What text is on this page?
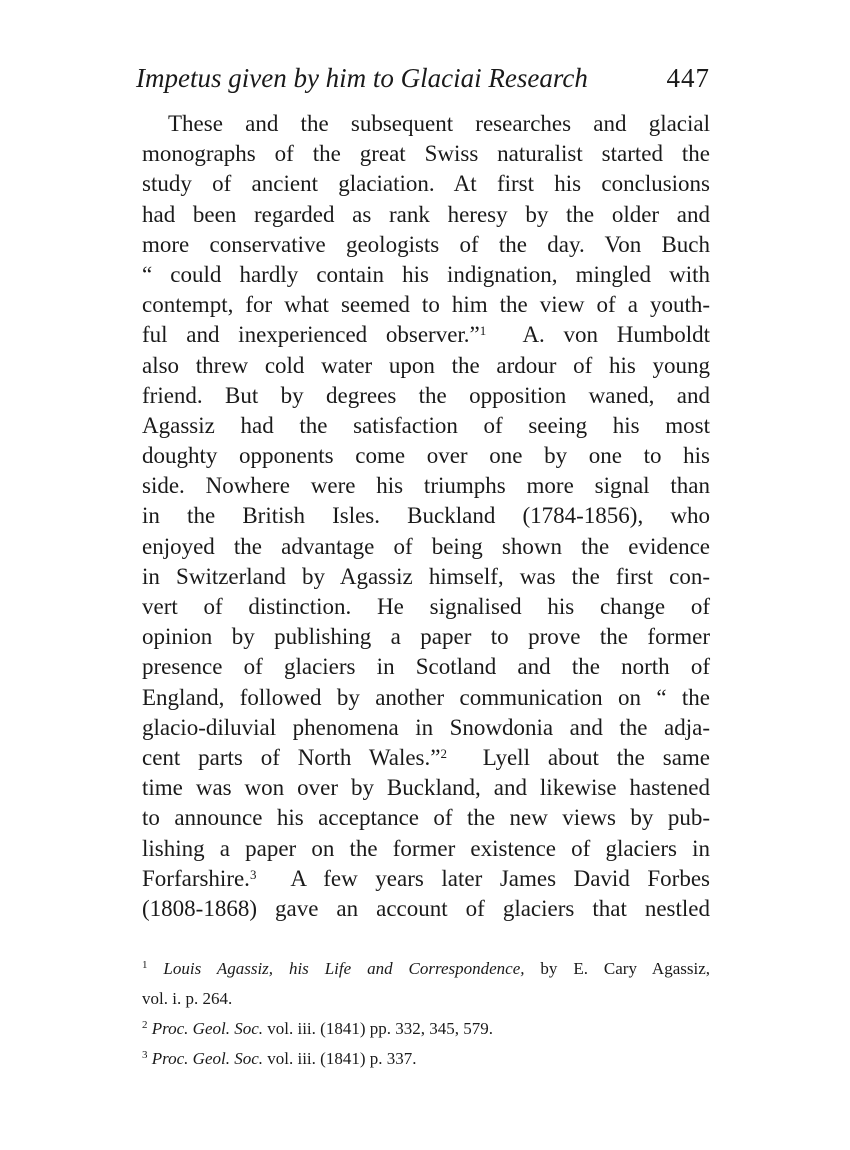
Impetus given by him to Glaciai Research	447
These and the subsequent researches and glacial
monographs of the great Swiss naturalist started the
study of ancient glaciation. At first his conclusions
had been regarded as rank heresy by the older and
more conservative geologists of the day. Von Buch
“ could hardly contain his indignation, mingled with
contempt, for what seemed to him the view of a youth-
ful and inexperienced observer.”$^1$ A. von Humboldt
also threw cold water upon the ardour of his young
friend. But by degrees the opposition waned, and
Agassiz had the satisfaction of seeing his most
doughty opponents come over one by one to his
side. Nowhere were his triumphs more signal than
in the British Isles. Buckland (1784-1856), who
enjoyed the advantage of being shown the evidence
in Switzerland by Agassiz himself, was the first con-
vert of distinction. He signalised his change of
opinion by publishing a paper to prove the former
presence of glaciers in Scotland and the north of
England, followed by another communication on “ the
glacio-diluvial phenomena in Snowdonia and the adja-
cent parts of North Wales.”$^2$ Lyell about the same
time was won over by Buckland, and likewise hastened
to announce his acceptance of the new views by pub-
lishing a paper on the former existence of glaciers in
Forfarshire.$^3$ A few years later James David Forbes
(1808-1868) gave an account of glaciers that nestled
$^1$ Louis Agassiz, his Life and Correspondence, by E. Cary Agassiz,
vol. i. p. 264.
$^2$ Proc. Geol. Soc. vol. iii. (1841) pp. 332, 345, 579.
$^3$ Proc. Geol. Soc. vol. iii. (1841) p. 337.
